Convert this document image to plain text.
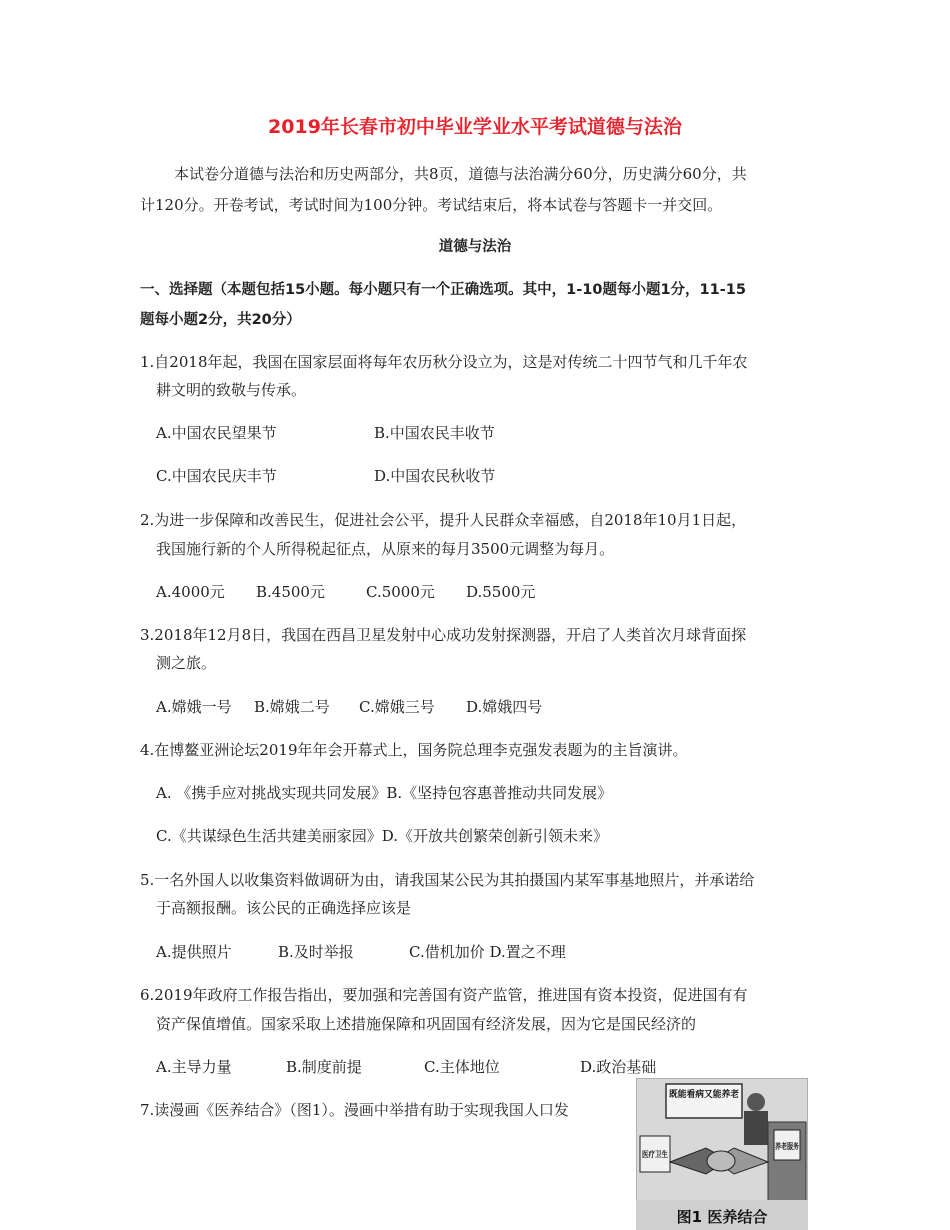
2019年长春市初中毕业学业水平考试道德与法治
本试卷分道德与法治和历史两部分，共8页，道德与法治满分60分，历史满分60分，共
计120分。开卷考试，考试时间为100分钟。考试结束后，将本试卷与答题卡一并交回。
道德与法治
一、选择题（本题包括15小题。每小题只有一个正确选项。其中，1-10题每小题1分，11-15
题每小题2分，共20分）
1.自2018年起，我国在国家层面将每年农历秋分设立为，这是对传统二十四节气和几千年农
耕文明的致敬与传承。
A.中国农民望果节	B.中国农民丰收节
C.中国农民庆丰节	D.中国农民秋收节
2.为进一步保障和改善民生，促进社会公平，提升人民群众幸福感，自2018年10月1日起，
我国施行新的个人所得税起征点，从原来的每月3500元调整为每月。
A.4000元 B.4500元	C.5000元 D.5500元
3.2018年12月8日，我国在西昌卫星发射中心成功发射探测器，开启了人类首次月球背面探
测之旅。
A.嫦娥一号 B.嫦娥二号 C.嫦娥三号 D.嫦娥四号
4.在博鳌亚洲论坛2019年年会开幕式上，国务院总理李克强发表题为的主旨演讲。
A. 《携手应对挑战实现共同发展》B.《坚持包容惠普推动共同发展》
C.《共谋绿色生活共建美丽家园》D.《开放共创繁荣创新引领未来》
5.一名外国人以收集资料做调研为由，请我国某公民为其拍摄国内某军事基地照片，并承诺给
于高额报酬。该公民的正确选择应该是
A.提供照片	B.及时举报	C.借机加价 D.置之不理
6.2019年政府工作报告指出，要加强和完善国有资产监管，推进国有资本投资，促进国有有
资产保值增值。国家采取上述措施保障和巩固国有经济发展，因为它是国民经济的
A.主导力量	B.制度前提	C.主体地位	D.政治基础
7.读漫画《医养结合》（图1）。漫画中举措有助于实现我国人口发
既能看病又能养老
养老服务
医疗卫生
图1 医养结合
